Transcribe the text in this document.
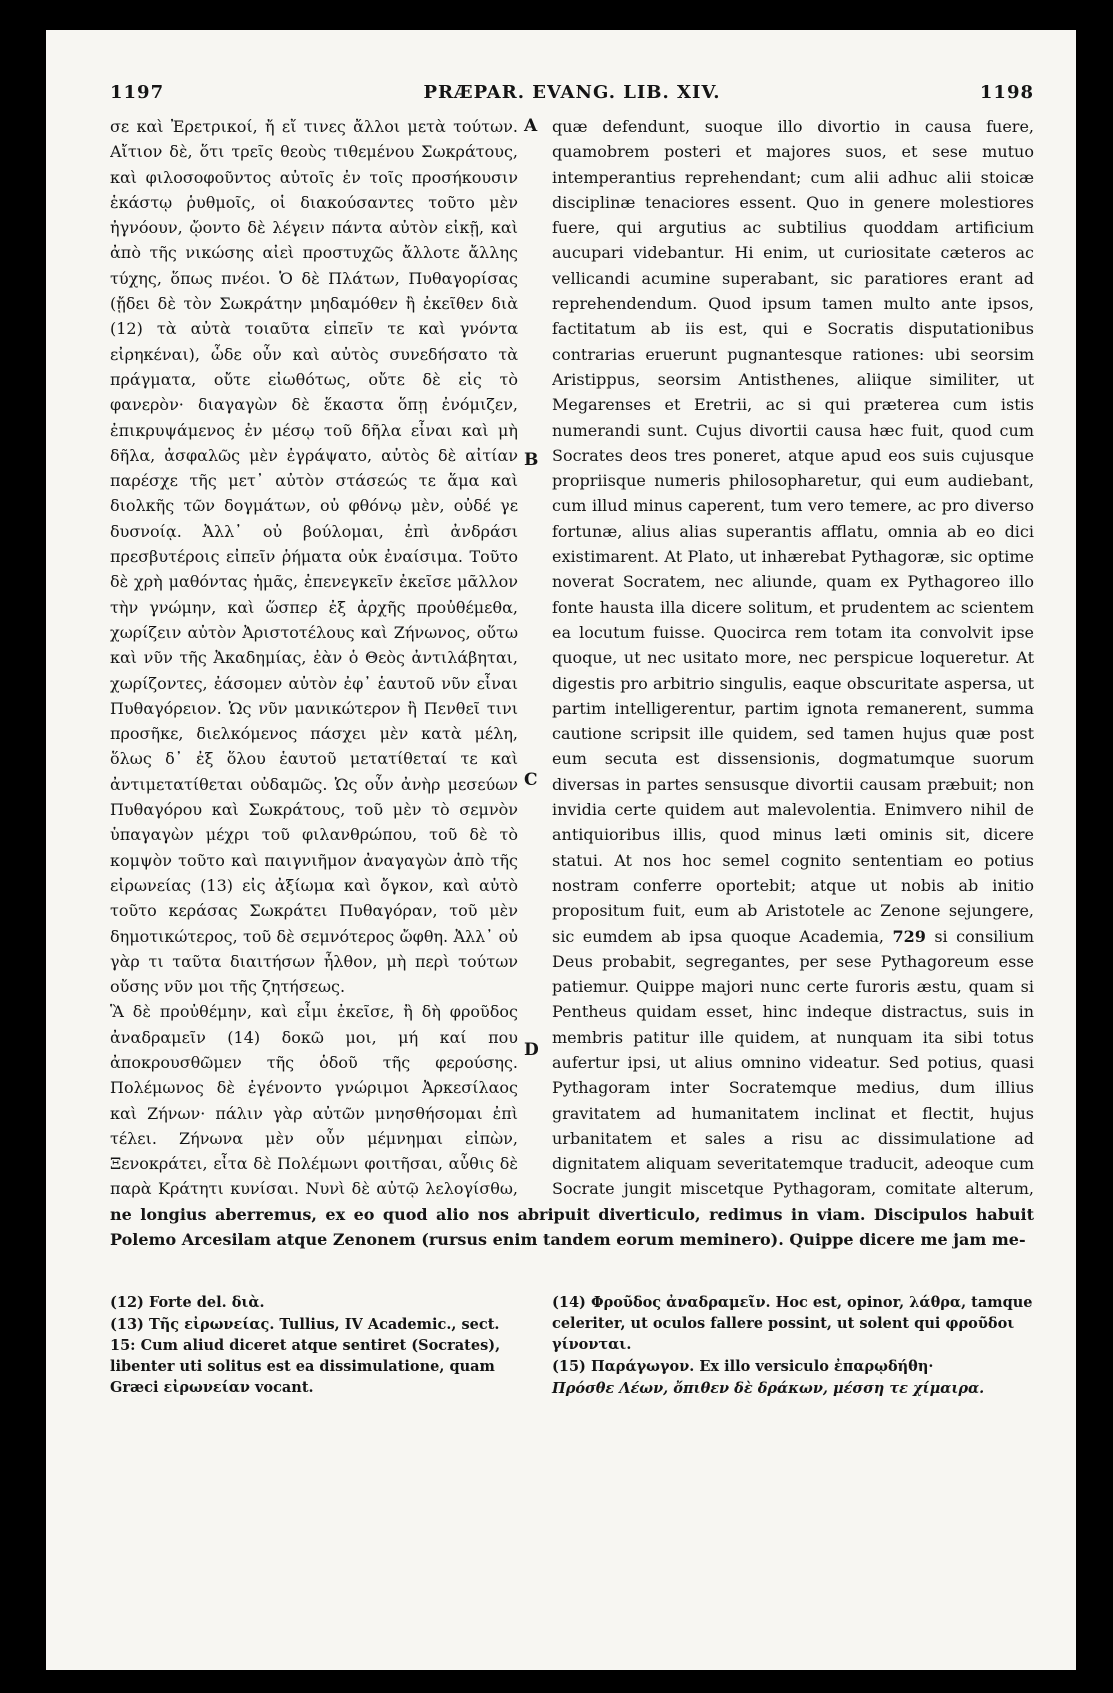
1197	PRÆPAR. EVANG. LIB. XIV.	1198

σε καὶ Ἐρετρικοί, ἤ εἴ τινες ἄλλοι μετὰ τούτων. Αἴτιον δὲ, ὅτι τρεῖς θεοὺς τιθεμένου Σωκράτους, καὶ φιλοσοφοῦντος αὐτοῖς ἐν τοῖς προσήκουσιν ἑκάστῳ ῥυθμοῖς, οἱ διακούσαντες τοῦτο μὲν ἠγνόουν, ᾤοντο δὲ λέγειν πάντα αὐτὸν εἰκῇ, καὶ ἀπὸ τῆς νικώσης αἰεὶ προστυχῶς ἄλλοτε ἄλλης τύχης, ὅπως πνέοι. Ὁ δὲ Πλάτων, Πυθαγορίσας (ᾔδει δὲ τὸν Σωκράτην μηδαμόθεν ἢ ἐκεῖθεν διὰ (12) τὰ αὐτὰ τοιαῦτα εἰπεῖν τε καὶ γνόντα εἰρηκέναι), ὧδε οὖν καὶ αὐτὸς συνεδήσατο τὰ πράγματα, οὔτε εἰωθότως, οὔτε δὲ εἰς τὸ φανερὸν· διαγαγὼν δὲ ἕκαστα ὅπῃ ἐνόμιζεν, ἐπικρυψάμενος ἐν μέσῳ τοῦ δῆλα εἶναι καὶ μὴ δῆλα, ἀσφαλῶς μὲν ἐγράψατο, αὐτὸς δὲ αἰτίαν παρέσχε τῆς μετ᾽ αὐτὸν στάσεώς τε ἅμα καὶ διολκῆς τῶν δογμάτων, οὐ φθόνῳ μὲν, οὐδέ γε δυσνοίᾳ. Ἀλλ᾽ οὐ βούλομαι, ἐπὶ ἀνδράσι πρεσβυτέροις εἰπεῖν ῥήματα οὐκ ἐναίσιμα. Τοῦτο δὲ χρὴ μαθόντας ἡμᾶς, ἐπενεγκεῖν ἐκεῖσε μᾶλλον τὴν γνώμην, καὶ ὥσπερ ἐξ ἀρχῆς προὐθέμεθα, χωρίζειν αὐτὸν Ἀριστοτέλους καὶ Ζήνωνος, οὕτω καὶ νῦν τῆς Ἀκαδημίας, ἐὰν ὁ Θεὸς ἀντιλάβηται, χωρίζοντες, ἐάσομεν αὐτὸν ἐφ᾽ ἑαυτοῦ νῦν εἶναι Πυθαγόρειον. Ὡς νῦν μανικώτερον ἢ Πενθεῖ τινι προσῆκε, διελκόμενος πάσχει μὲν κατὰ μέλη, ὅλως δ᾽ ἐξ ὅλου ἑαυτοῦ μετατίθεταί τε καὶ ἀντιμετατίθεται οὐδαμῶς. Ὡς οὖν ἀνὴρ μεσεύων Πυθαγόρου καὶ Σωκράτους, τοῦ μὲν τὸ σεμνὸν ὑπαγαγὼν μέχρι τοῦ φιλανθρώπου, τοῦ δὲ τὸ κομψὸν τοῦτο καὶ παιγνιῆμον ἀναγαγὼν ἀπὸ τῆς εἰρωνείας (13) εἰς ἀξίωμα καὶ ὄγκον, καὶ αὐτὸ τοῦτο κεράσας Σωκράτει Πυθαγόραν, τοῦ μὲν δημοτικώτερος, τοῦ δὲ σεμνότερος ὤφθη. Ἀλλ᾽ οὐ γὰρ τι ταῦτα διαιτήσων ἦλθον, μὴ περὶ τούτων οὔσης νῦν μοι τῆς ζητήσεως.

Ἃ δὲ προὐθέμην, καὶ εἶμι ἐκεῖσε, ἢ δὴ φροῦδος ἀναδραμεῖν (14) δοκῶ μοι, μή καί που ἀποκρουσθῶμεν τῆς ὁδοῦ τῆς φερούσης. Πολέμωνος δὲ ἐγένοντο γνώριμοι Ἀρκεσίλαος καὶ Ζήνων· πάλιν γὰρ αὐτῶν μνησθήσομαι ἐπὶ τέλει. Ζήνωνα μὲν οὖν μέμνημαι εἰπὼν, Ξενοκράτει, εἶτα δὲ Πολέμωνι φοιτῆσαι, αὖθις δὲ παρὰ Κράτητι κυνίσαι. Νυνὶ δὲ αὐτῷ λελογίσθω,

A
B
C
D

quæ defendunt, suoque illo divortio in causa fuere, quamobrem posteri et majores suos, et sese mutuo intemperantius reprehendant; cum alii adhuc alii stoicæ disciplinæ tenaciores essent. Quo in genere molestiores fuere, qui argutius ac subtilius quoddam artificium aucupari videbantur. Hi enim, ut curiositate cæteros ac vellicandi acumine superabant, sic paratiores erant ad reprehendendum. Quod ipsum tamen multo ante ipsos, factitatum ab iis est, qui e Socratis disputationibus contrarias eruerunt pugnantesque rationes: ubi seorsim Aristippus, seorsim Antisthenes, aliique similiter, ut Megarenses et Eretrii, ac si qui præterea cum istis numerandi sunt. Cujus divortii causa hæc fuit, quod cum Socrates deos tres poneret, atque apud eos suis cujusque propriisque numeris philosopharetur, qui eum audiebant, cum illud minus caperent, tum vero temere, ac pro diverso fortunæ, alius alias superantis afflatu, omnia ab eo dici existimarent. At Plato, ut inhærebat Pythagoræ, sic optime noverat Socratem, nec aliunde, quam ex Pythagoreo illo fonte hausta illa dicere solitum, et prudentem ac scientem ea locutum fuisse. Quocirca rem totam ita convolvit ipse quoque, ut nec usitato more, nec perspicue loqueretur. At digestis pro arbitrio singulis, eaque obscuritate aspersa, ut partim intelligerentur, partim ignota remanerent, summa cautione scripsit ille quidem, sed tamen hujus quæ post eum secuta est dissensionis, dogmatumque suorum diversas in partes sensusque divortii causam præbuit; non invidia certe quidem aut malevolentia. Enimvero nihil de antiquioribus illis, quod minus læti ominis sit, dicere statui. At nos hoc semel cognito sententiam eo potius nostram conferre oportebit; atque ut nobis ab initio propositum fuit, eum ab Aristotele ac Zenone sejungere, sic eumdem ab ipsa quoque Academia, 729 si consilium Deus probabit, segregantes, per sese Pythagoreum esse patiemur. Quippe majori nunc certe furoris æstu, quam si Pentheus quidam esset, hinc indeque distractus, suis in membris patitur ille quidem, at nunquam ita sibi totus aufertur ipsi, ut alius omnino videatur. Sed potius, quasi Pythagoram inter Socratemque medius, dum illius gravitatem ad humanitatem inclinat et flectit, hujus urbanitatem et sales a risu ac dissimulatione ad dignitatem aliquam severitatemque traducit, adeoque cum Socrate jungit miscetque Pythagoram, comitate alterum,

ne longius aberremus, ex eo quod alio nos abripuit diverticulo, redimus in viam. Discipulos habuit Polemo Arcesilam atque Zenonem (rursus enim tandem eorum meminero). Quippe dicere me jam me-

(12) Forte del. διὰ.

(13) Τῆς εἰρωνείας. Tullius, IV Academic., sect. 15: Cum aliud diceret atque sentiret (Socrates), libenter uti solitus est ea dissimulatione, quam Græci εἰρωνείαν vocant.

(14) Φροῦδος ἀναδραμεῖν. Hoc est, opinor, λάθρα, tamque celeriter, ut oculos fallere possint, ut solent qui φροῦδοι γίνονται.

(15) Παράγωγον. Ex illo versiculo ἐπαρῳδήθη·

Πρόσθε Λέων, ὄπιθεν δὲ δράκων, μέσση τε χίμαιρα.
